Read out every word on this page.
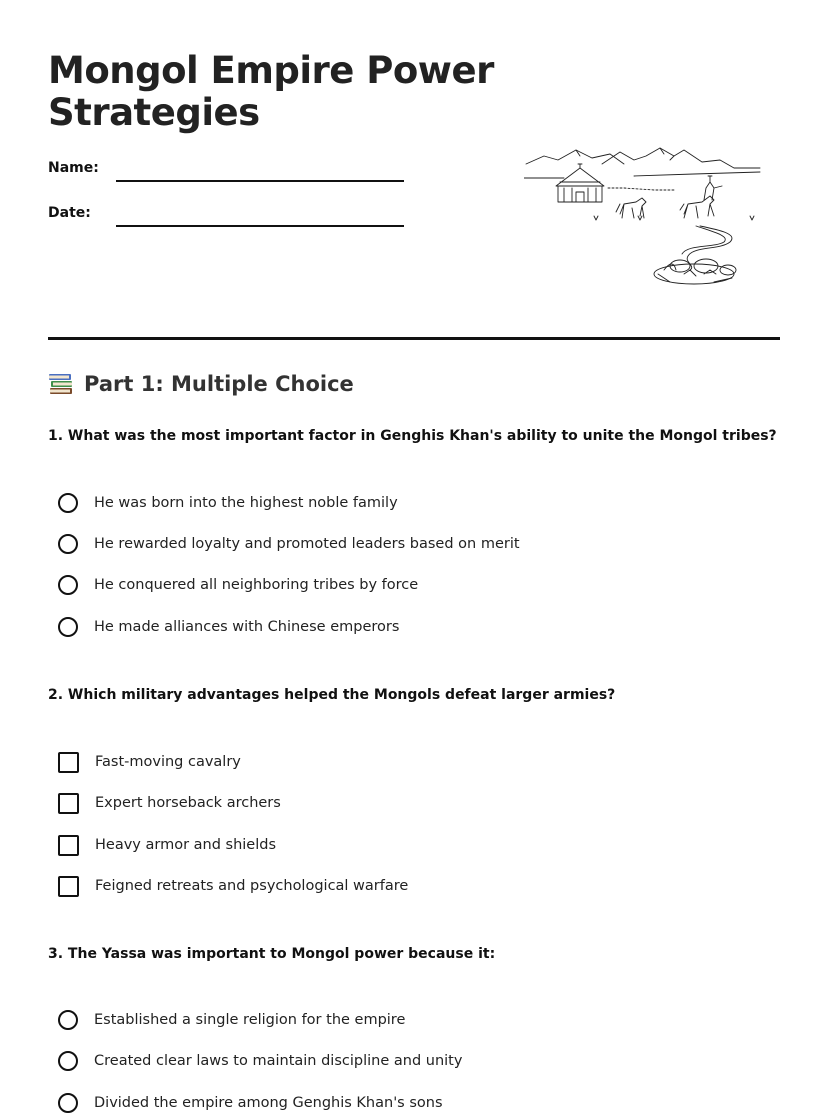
Mongol Empire Power Strategies
Name:
Date:
Part 1: Multiple Choice

1. What was the most important factor in Genghis Khan's ability to unite the Mongol tribes?

He was born into the highest noble family
He rewarded loyalty and promoted leaders based on merit
He conquered all neighboring tribes by force
He made alliances with Chinese emperors

2. Which military advantages helped the Mongols defeat larger armies?

Fast-moving cavalry
Expert horseback archers
Heavy armor and shields
Feigned retreats and psychological warfare

3. The Yassa was important to Mongol power because it:

Established a single religion for the empire
Created clear laws to maintain discipline and unity
Divided the empire among Genghis Khan's sons
